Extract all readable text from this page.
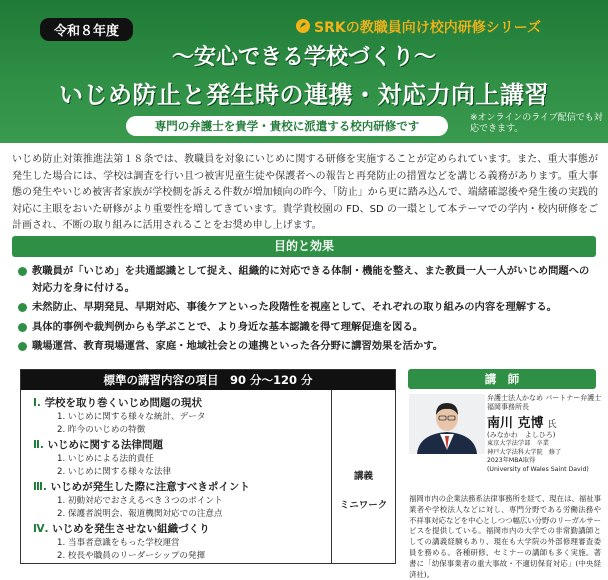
令和８年度	SRKの教職員向け校内研修シリーズ
～安心できる学校づくり～
いじめ防止と発生時の連携・対応力向上講習
専門の弁護士を貴学・貴校に派遣する校内研修です
※オンラインのライブ配信でも対応できます。

いじめ防止対策推進法第１８条では、教職員を対象にいじめに関する研修を実施することが定められています。また、重大事態が発生した場合には、学校は調査を行い且つ被害児童生徒や保護者への報告と再発防止の措置などを講じる義務があります。重大事態の発生やいじめ被害者家族が学校側を訴える件数が増加傾向の昨今、「防止」から更に踏み込んで、端緒確認後や発生後の実践的対応に主眼をおいた研修がより重要性を増してきています。貴学貴校園の FD、SD の一環として本テーマでの学内・校内研修をご計画され、不断の取り組みに活用されることをお奨め申し上げます。

目的と効果
教職員が「いじめ」を共通認識として捉え、組織的に対応できる体制・機能を整え、また教員一人一人がいじめ問題への対応力を身に付ける。
未然防止、早期発見、早期対応、事後ケアといった段階性を視座として、それぞれの取り組みの内容を理解する。
具体的事例や裁判例からも学ぶことで、より身近な基本認識を得て理解促進を図る。
職場運営、教育現場運営、家庭・地域社会との連携といった各分野に講習効果を活かす。
標準の講習内容の項目　90 分～120 分
Ⅰ. 学校を取り巻くいじめ問題の現状
1. いじめに関する様々な統計、データ
2. 昨今のいじめの特徴
Ⅱ. いじめに関する法律問題
1. いじめによる法的責任
2. いじめに関する様々な法律
Ⅲ. いじめが発生した際に注意すべきポイント
1. 初動対応でおさえるべき３つのポイント
2. 保護者説明会、報道機関対応での注意点
Ⅳ. いじめを発生させない組織づくり
1. 当事者意識をもった学校運営
2. 校長や職員のリーダーシップの発揮
講義
ミニワーク
講　師
弁護士法人かなめ パートナー弁護士 福岡事務所長
南川 克博 氏
(みなかわ　よしひろ)
東京大学法学部　卒業
神戸大学法科大学院　修了
2023年MBA取得
(University of Wales Saint David)

福岡市内の企業法務系法律事務所を経て、現在は、福祉事業者や学校法人などに対し、専門分野である労働法務や不祥事対応などを中心としつつ幅広い分野のリーガルサービスを提供している。福岡市内の大学での非常勤講師としての講義経験もあり、現在も大学院の外部修理審査委員を務める。各種研修、セミナーの講師も多く実施。著書に「幼保事業者の重大事故・不適切保育対応」(中央経済社)。
